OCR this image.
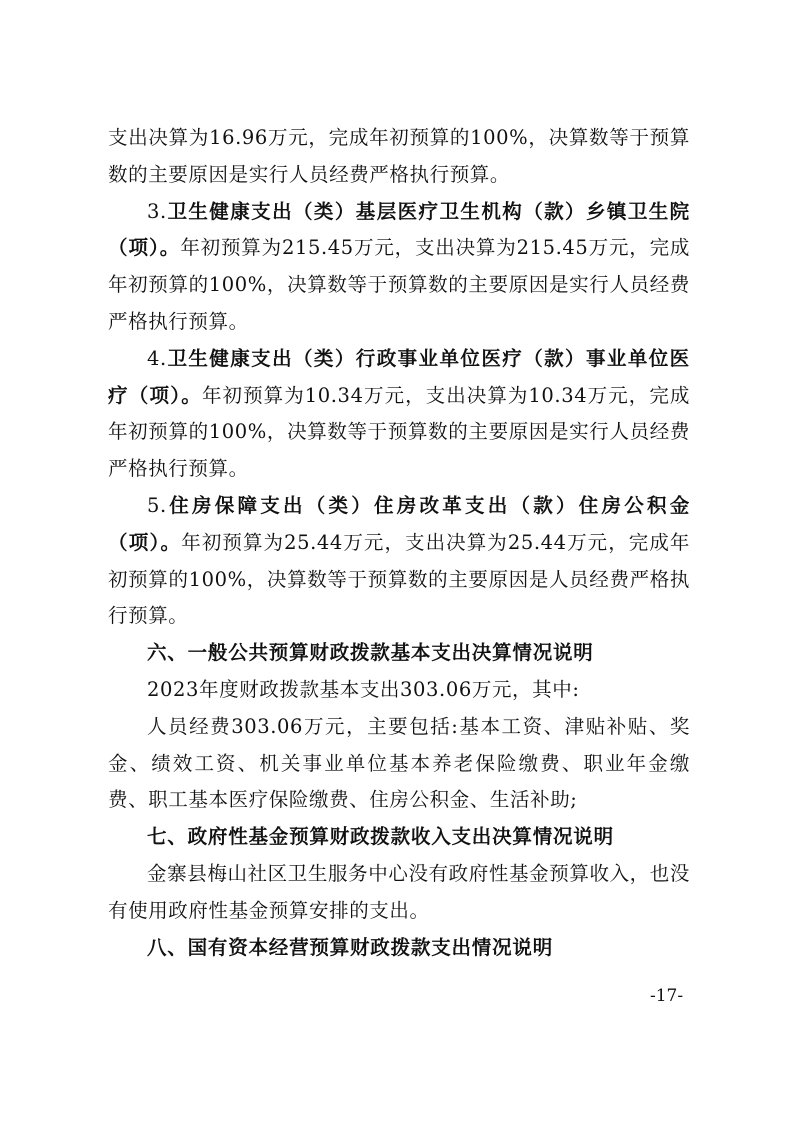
支出决算为16.96万元，完成年初预算的100%，决算数等于预算数的主要原因是实行人员经费严格执行预算。

3.卫生健康支出（类）基层医疗卫生机构（款）乡镇卫生院（项）。年初预算为215.45万元，支出决算为215.45万元，完成年初预算的100%，决算数等于预算数的主要原因是实行人员经费严格执行预算。

4.卫生健康支出（类）行政事业单位医疗（款）事业单位医疗（项）。年初预算为10.34万元，支出决算为10.34万元，完成年初预算的100%，决算数等于预算数的主要原因是实行人员经费严格执行预算。

5.住房保障支出（类）住房改革支出（款）住房公积金（项）。年初预算为25.44万元，支出决算为25.44万元，完成年初预算的100%，决算数等于预算数的主要原因是人员经费严格执行预算。

六、一般公共预算财政拨款基本支出决算情况说明

2023年度财政拨款基本支出303.06万元，其中:

人员经费303.06万元，主要包括:基本工资、津贴补贴、奖金、绩效工资、机关事业单位基本养老保险缴费、职业年金缴费、职工基本医疗保险缴费、住房公积金、生活补助;

七、政府性基金预算财政拨款收入支出决算情况说明

金寨县梅山社区卫生服务中心没有政府性基金预算收入，也没有使用政府性基金预算安排的支出。

八、国有资本经营预算财政拨款支出情况说明

-17-
